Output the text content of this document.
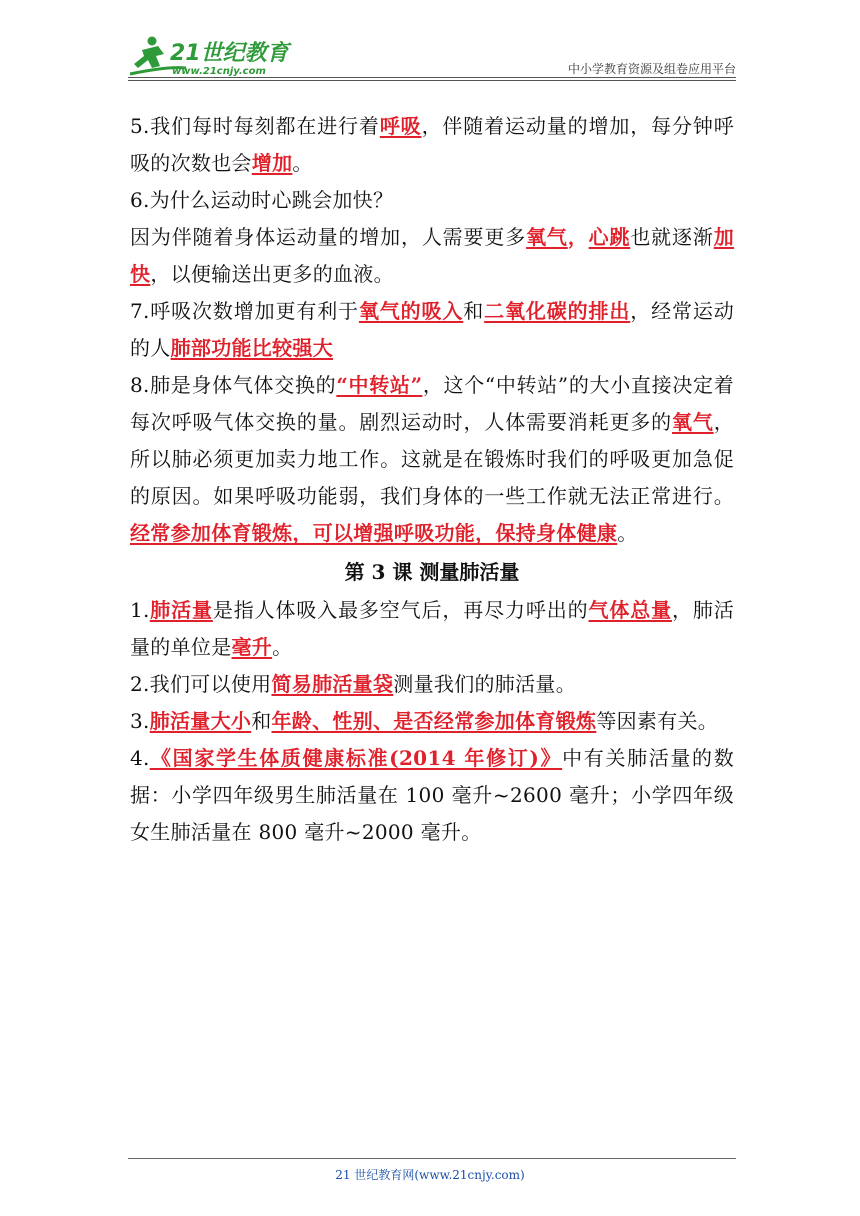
21世纪教育
www.21cnjy.com	中小学教育资源及组卷应用平台

5.我们每时每刻都在进行着呼吸，伴随着运动量的增加，每分钟呼吸的次数也会增加。

6.为什么运动时心跳会加快？

因为伴随着身体运动量的增加，人需要更多氧气，心跳也就逐渐加快，以便输送出更多的血液。

7.呼吸次数增加更有利于氧气的吸入和二氧化碳的排出，经常运动的人肺部功能比较强大

8.肺是身体气体交换的“中转站”，这个“中转站”的大小直接决定着每次呼吸气体交换的量。剧烈运动时，人体需要消耗更多的氧气，所以肺必须更加卖力地工作。这就是在锻炼时我们的呼吸更加急促的原因。如果呼吸功能弱，我们身体的一些工作就无法正常进行。经常参加体育锻炼，可以增强呼吸功能，保持身体健康。

第 3 课 测量肺活量

1.肺活量是指人体吸入最多空气后，再尽力呼出的气体总量，肺活量的单位是毫升。

2.我们可以使用简易肺活量袋测量我们的肺活量。

3.肺活量大小和年龄、性别、是否经常参加体育锻炼等因素有关。

4.《国家学生体质健康标准(2014 年修订)》中有关肺活量的数据：小学四年级男生肺活量在 100 毫升~2600 毫升；小学四年级女生肺活量在 800 毫升~2000 毫升。

21 世纪教育网(www.21cnjy.com)
